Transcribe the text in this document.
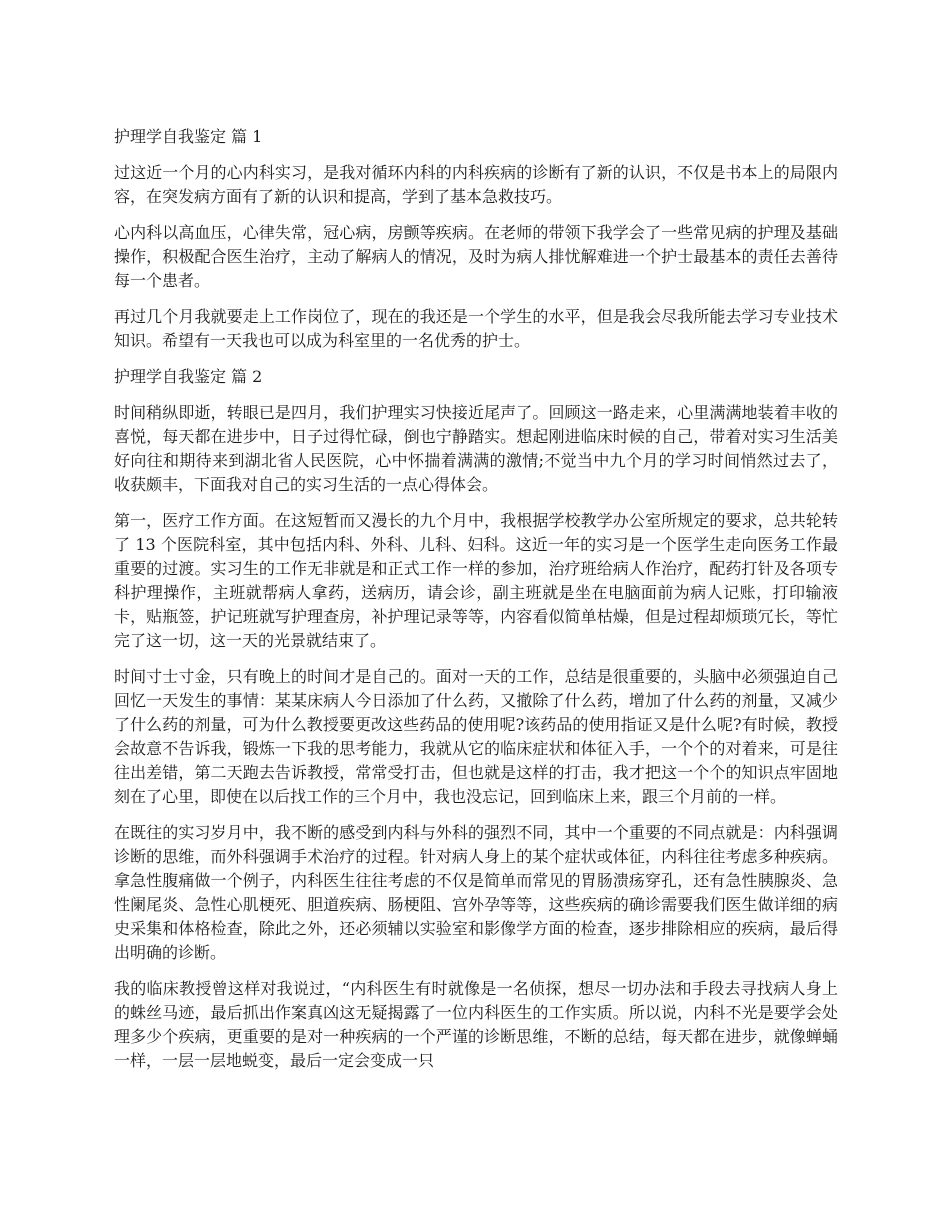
护理学自我鉴定 篇 1

过这近一个月的心内科实习，是我对循环内科的内科疾病的诊断有了新的认识，不仅是书本上的局限内容，在突发病方面有了新的认识和提高，学到了基本急救技巧。

心内科以高血压，心律失常，冠心病，房颤等疾病。在老师的带领下我学会了一些常见病的护理及基础操作，积极配合医生治疗，主动了解病人的情况，及时为病人排忧解难进一个护士最基本的责任去善待每一个患者。

再过几个月我就要走上工作岗位了，现在的我还是一个学生的水平，但是我会尽我所能去学习专业技术知识。希望有一天我也可以成为科室里的一名优秀的护士。

护理学自我鉴定 篇 2

时间稍纵即逝，转眼已是四月，我们护理实习快接近尾声了。回顾这一路走来，心里满满地装着丰收的喜悦，每天都在进步中，日子过得忙碌，倒也宁静踏实。想起刚进临床时候的自己，带着对实习生活美好向往和期待来到湖北省人民医院，心中怀揣着满满的激情;不觉当中九个月的学习时间悄然过去了，收获颇丰，下面我对自己的实习生活的一点心得体会。

第一，医疗工作方面。在这短暂而又漫长的九个月中，我根据学校教学办公室所规定的要求，总共轮转了 13 个医院科室，其中包括内科、外科、儿科、妇科。这近一年的实习是一个医学生走向医务工作最重要的过渡。实习生的工作无非就是和正式工作一样的参加，治疗班给病人作治疗，配药打针及各项专科护理操作，主班就帮病人拿药，送病历，请会诊，副主班就是坐在电脑面前为病人记账，打印输液卡，贴瓶签，护记班就写护理查房，补护理记录等等，内容看似简单枯燥，但是过程却烦琐冗长，等忙完了这一切，这一天的光景就结束了。

时间寸士寸金，只有晚上的时间才是自己的。面对一天的工作，总结是很重要的，头脑中必须强迫自己回忆一天发生的事情：某某床病人今日添加了什么药，又撤除了什么药，增加了什么药的剂量，又减少了什么药的剂量，可为什么教授要更改这些药品的使用呢?该药品的使用指证又是什么呢?有时候，教授会故意不告诉我，锻炼一下我的思考能力，我就从它的临床症状和体征入手，一个个的对着来，可是往往出差错，第二天跑去告诉教授，常常受打击，但也就是这样的打击，我才把这一个个的知识点牢固地刻在了心里，即使在以后找工作的三个月中，我也没忘记，回到临床上来，跟三个月前的一样。

在既往的实习岁月中，我不断的感受到内科与外科的强烈不同，其中一个重要的不同点就是：内科强调诊断的思维，而外科强调手术治疗的过程。针对病人身上的某个症状或体征，内科往往考虑多种疾病。拿急性腹痛做一个例子，内科医生往往考虑的不仅是简单而常见的胃肠溃疡穿孔，还有急性胰腺炎、急性阑尾炎、急性心肌梗死、胆道疾病、肠梗阻、宫外孕等等，这些疾病的确诊需要我们医生做详细的病史采集和体格检查，除此之外，还必须辅以实验室和影像学方面的检查，逐步排除相应的疾病，最后得出明确的诊断。

我的临床教授曾这样对我说过，“内科医生有时就像是一名侦探，想尽一切办法和手段去寻找病人身上的蛛丝马迹，最后抓出作案真凶这无疑揭露了一位内科医生的工作实质。所以说，内科不光是要学会处理多少个疾病，更重要的是对一种疾病的一个严谨的诊断思维，不断的总结，每天都在进步，就像蝉蛹一样，一层一层地蜕变，最后一定会变成一只
